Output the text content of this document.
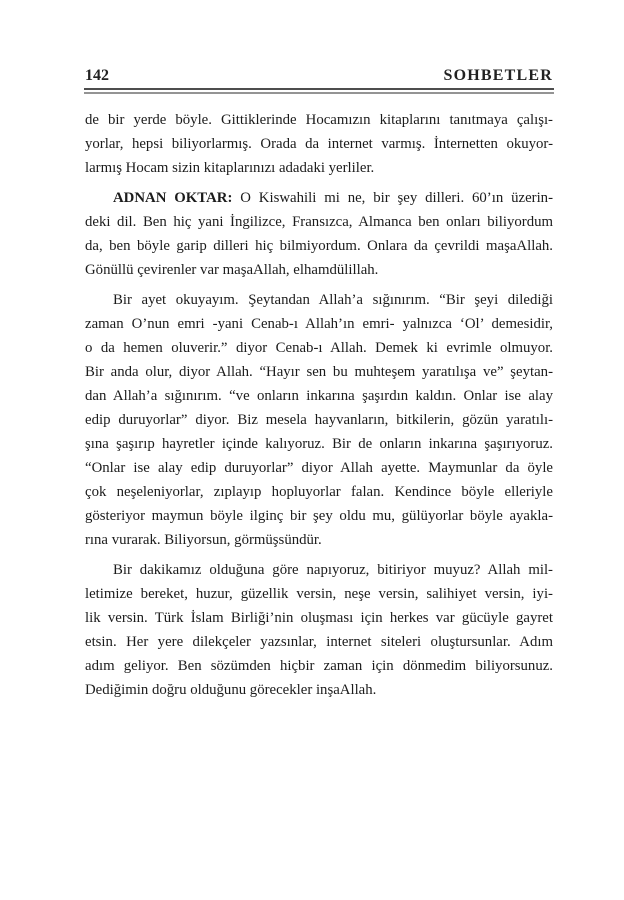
142	SOHBETLER
de bir yerde böyle. Gittiklerinde Hocamızın kitaplarını tanıtmaya çalışı-
yorlar, hepsi biliyorlarmış. Orada da internet varmış. İnternetten okuyor-
larmış Hocam sizin kitaplarınızı adadaki yerliler.
ADNAN OKTAR: O Kiswahili mi ne, bir şey dilleri. 60’ın üzerin-
deki dil. Ben hiç yani İngilizce, Fransızca, Almanca ben onları biliyordum
da, ben böyle garip dilleri hiç bilmiyordum. Onlara da çevrildi maşaAllah.
Gönüllü çevirenler var maşaAllah, elhamdülillah.
Bir ayet okuyayım. Şeytandan Allah’a sığınırım. “Bir şeyi dilediği
zaman O’nun emri -yani Cenab-ı Allah’ın emri- yalnızca ‘Ol’ demesidir,
o da hemen oluverir.” diyor Cenab-ı Allah. Demek ki evrimle olmuyor.
Bir anda olur, diyor Allah. “Hayır sen bu muhteşem yaratılışa ve” şeytan-
dan Allah’a sığınırım. “ve onların inkarına şaşırdın kaldın. Onlar ise alay
edip duruyorlar” diyor. Biz mesela hayvanların, bitkilerin, gözün yaratılı-
şına şaşırıp hayretler içinde kalıyoruz. Bir de onların inkarına şaşırıyoruz.
“Onlar ise alay edip duruyorlar” diyor Allah ayette. Maymunlar da öyle
çok neşeleniyorlar, zıplayıp hopluyorlar falan. Kendince böyle elleriyle
gösteriyor maymun böyle ilginç bir şey oldu mu, gülüyorlar böyle ayakla-
rına vurarak. Biliyorsun, görmüşsündür.
Bir dakikamız olduğuna göre napıyoruz, bitiriyor muyuz? Allah mil-
letimize bereket, huzur, güzellik versin, neşe versin, salihiyet versin, iyi-
lik versin. Türk İslam Birliği’nin oluşması için herkes var gücüyle gayret
etsin. Her yere dilekçeler yazsınlar, internet siteleri oluştursunlar. Adım
adım geliyor. Ben sözümden hiçbir zaman için dönmedim biliyorsunuz.
Dediğimin doğru olduğunu görecekler inşaAllah.
